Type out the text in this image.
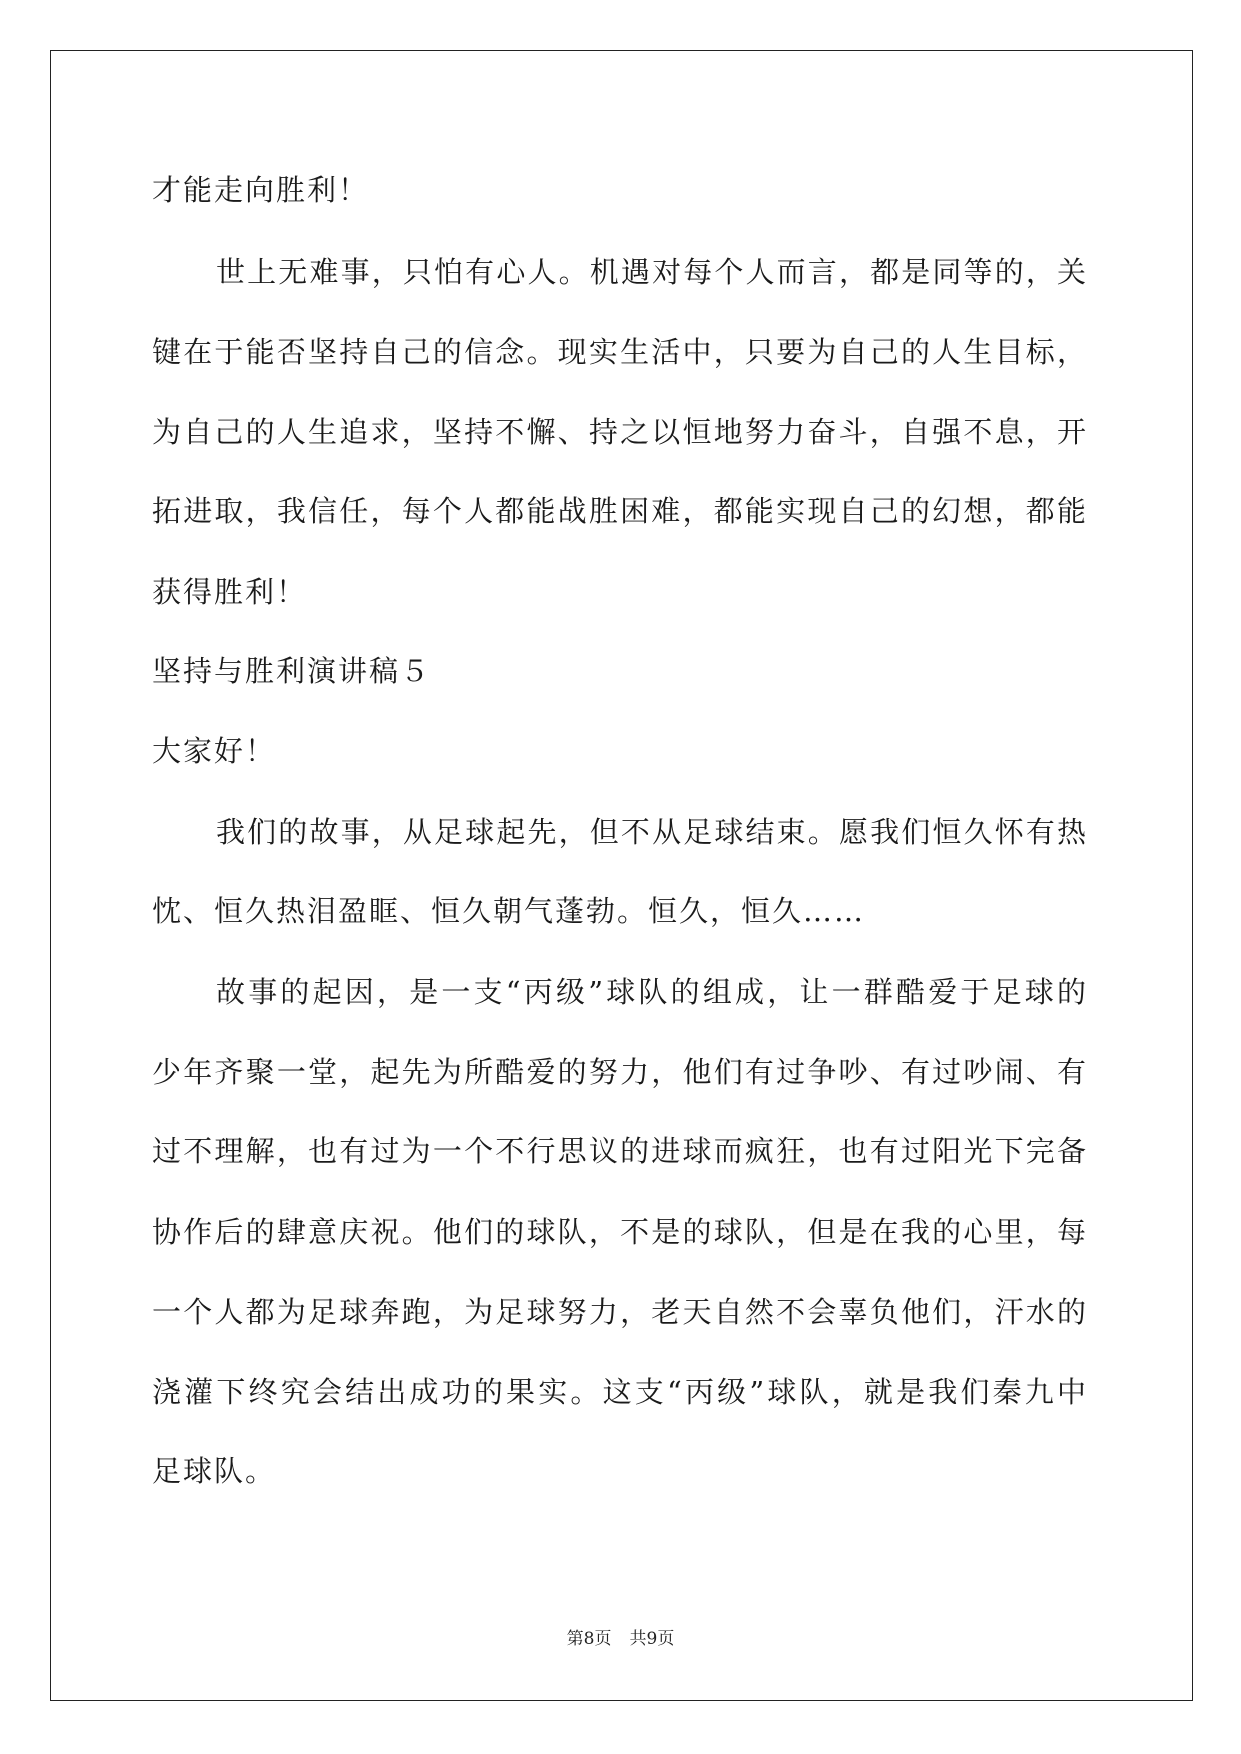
才能走向胜利！
世上无难事，只怕有心人。机遇对每个人而言，都是同等的，关
键在于能否坚持自己的信念。现实生活中，只要为自己的人生目标，
为自己的人生追求，坚持不懈、持之以恒地努力奋斗，自强不息，开
拓进取，我信任，每个人都能战胜困难，都能实现自己的幻想，都能
获得胜利！
坚持与胜利演讲稿５
大家好！
我们的故事，从足球起先，但不从足球结束。愿我们恒久怀有热
忱、恒久热泪盈眶、恒久朝气蓬勃。恒久，恒久……
故事的起因，是一支“丙级”球队的组成，让一群酷爱于足球的
少年齐聚一堂，起先为所酷爱的努力，他们有过争吵、有过吵闹、有
过不理解，也有过为一个不行思议的进球而疯狂，也有过阳光下完备
协作后的肆意庆祝。他们的球队，不是的球队，但是在我的心里，每
一个人都为足球奔跑，为足球努力，老天自然不会辜负他们，汗水的
浇灌下终究会结出成功的果实。这支“丙级”球队，就是我们秦九中
足球队。
第8页 共9页
